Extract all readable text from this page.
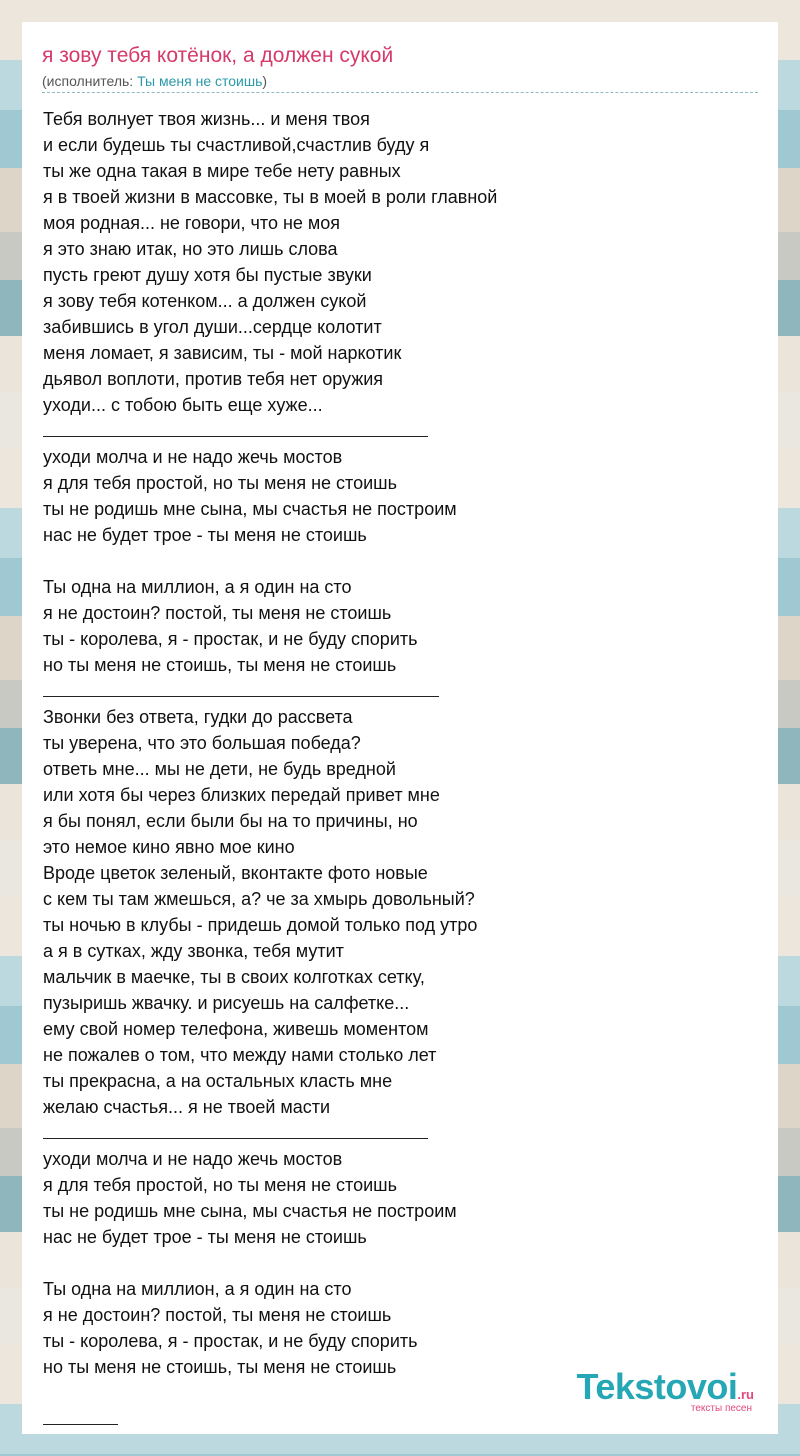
я зову тебя котёнок, а должен сукой
(исполнитель: Ты меня не стоишь)
Тебя волнует твоя жизнь... и меня твоя
и если будешь ты счастливой,счастлив буду я
ты же одна такая в мире тебе нету равных
я в твоей жизни в массовке, ты в моей в роли главной
моя родная... не говори, что не моя
я это знаю итак, но это лишь слова
пусть греют душу хотя бы пустые звуки
я зову тебя котенком... а должен сукой
забившись в угол души...сердце колотит
меня ломает, я зависим, ты - мой наркотик
дьявол воплоти, против тебя нет оружия
уходи... с тобою быть еще хуже...
уходи молча и не надо жечь мостов
я для тебя простой, но ты меня не стоишь
ты не родишь мне сына, мы счастья не построим
нас не будет трое - ты меня не стоишь
Ты одна на миллион, а я один на сто
я не достоин? постой, ты меня не стоишь
ты - королева, я - простак, и не буду спорить
но ты меня не стоишь, ты меня не стоишь
Звонки без ответа, гудки до рассвета
ты уверена, что это большая победа?
ответь мне... мы не дети, не будь вредной
или хотя бы через близких передай привет мне
я бы понял, если были бы на то причины, но
это немое кино явно мое кино
Вроде цветок зеленый, вконтакте фото новые
с кем ты там жмешься, а? че за хмырь довольный?
ты ночью в клубы - придешь домой только под утро
а я в сутках, жду звонка, тебя мутит
мальчик в маечке, ты в своих колготках сетку,
пузыришь жвачку. и рисуешь на салфетке...
ему свой номер телефона, живешь моментом
не пожалев о том, что между нами столько лет
ты прекрасна, а на остальных класть мне
желаю счастья... я не твоей масти
уходи молча и не надо жечь мостов
я для тебя простой, но ты меня не стоишь
ты не родишь мне сына, мы счастья не построим
нас не будет трое - ты меня не стоишь
Ты одна на миллион, а я один на сто
я не достоин? постой, ты меня не стоишь
ты - королева, я - простак, и не буду спорить
но ты меня не стоишь, ты меня не стоишь	Tekstovoi.ru
тексты песен
